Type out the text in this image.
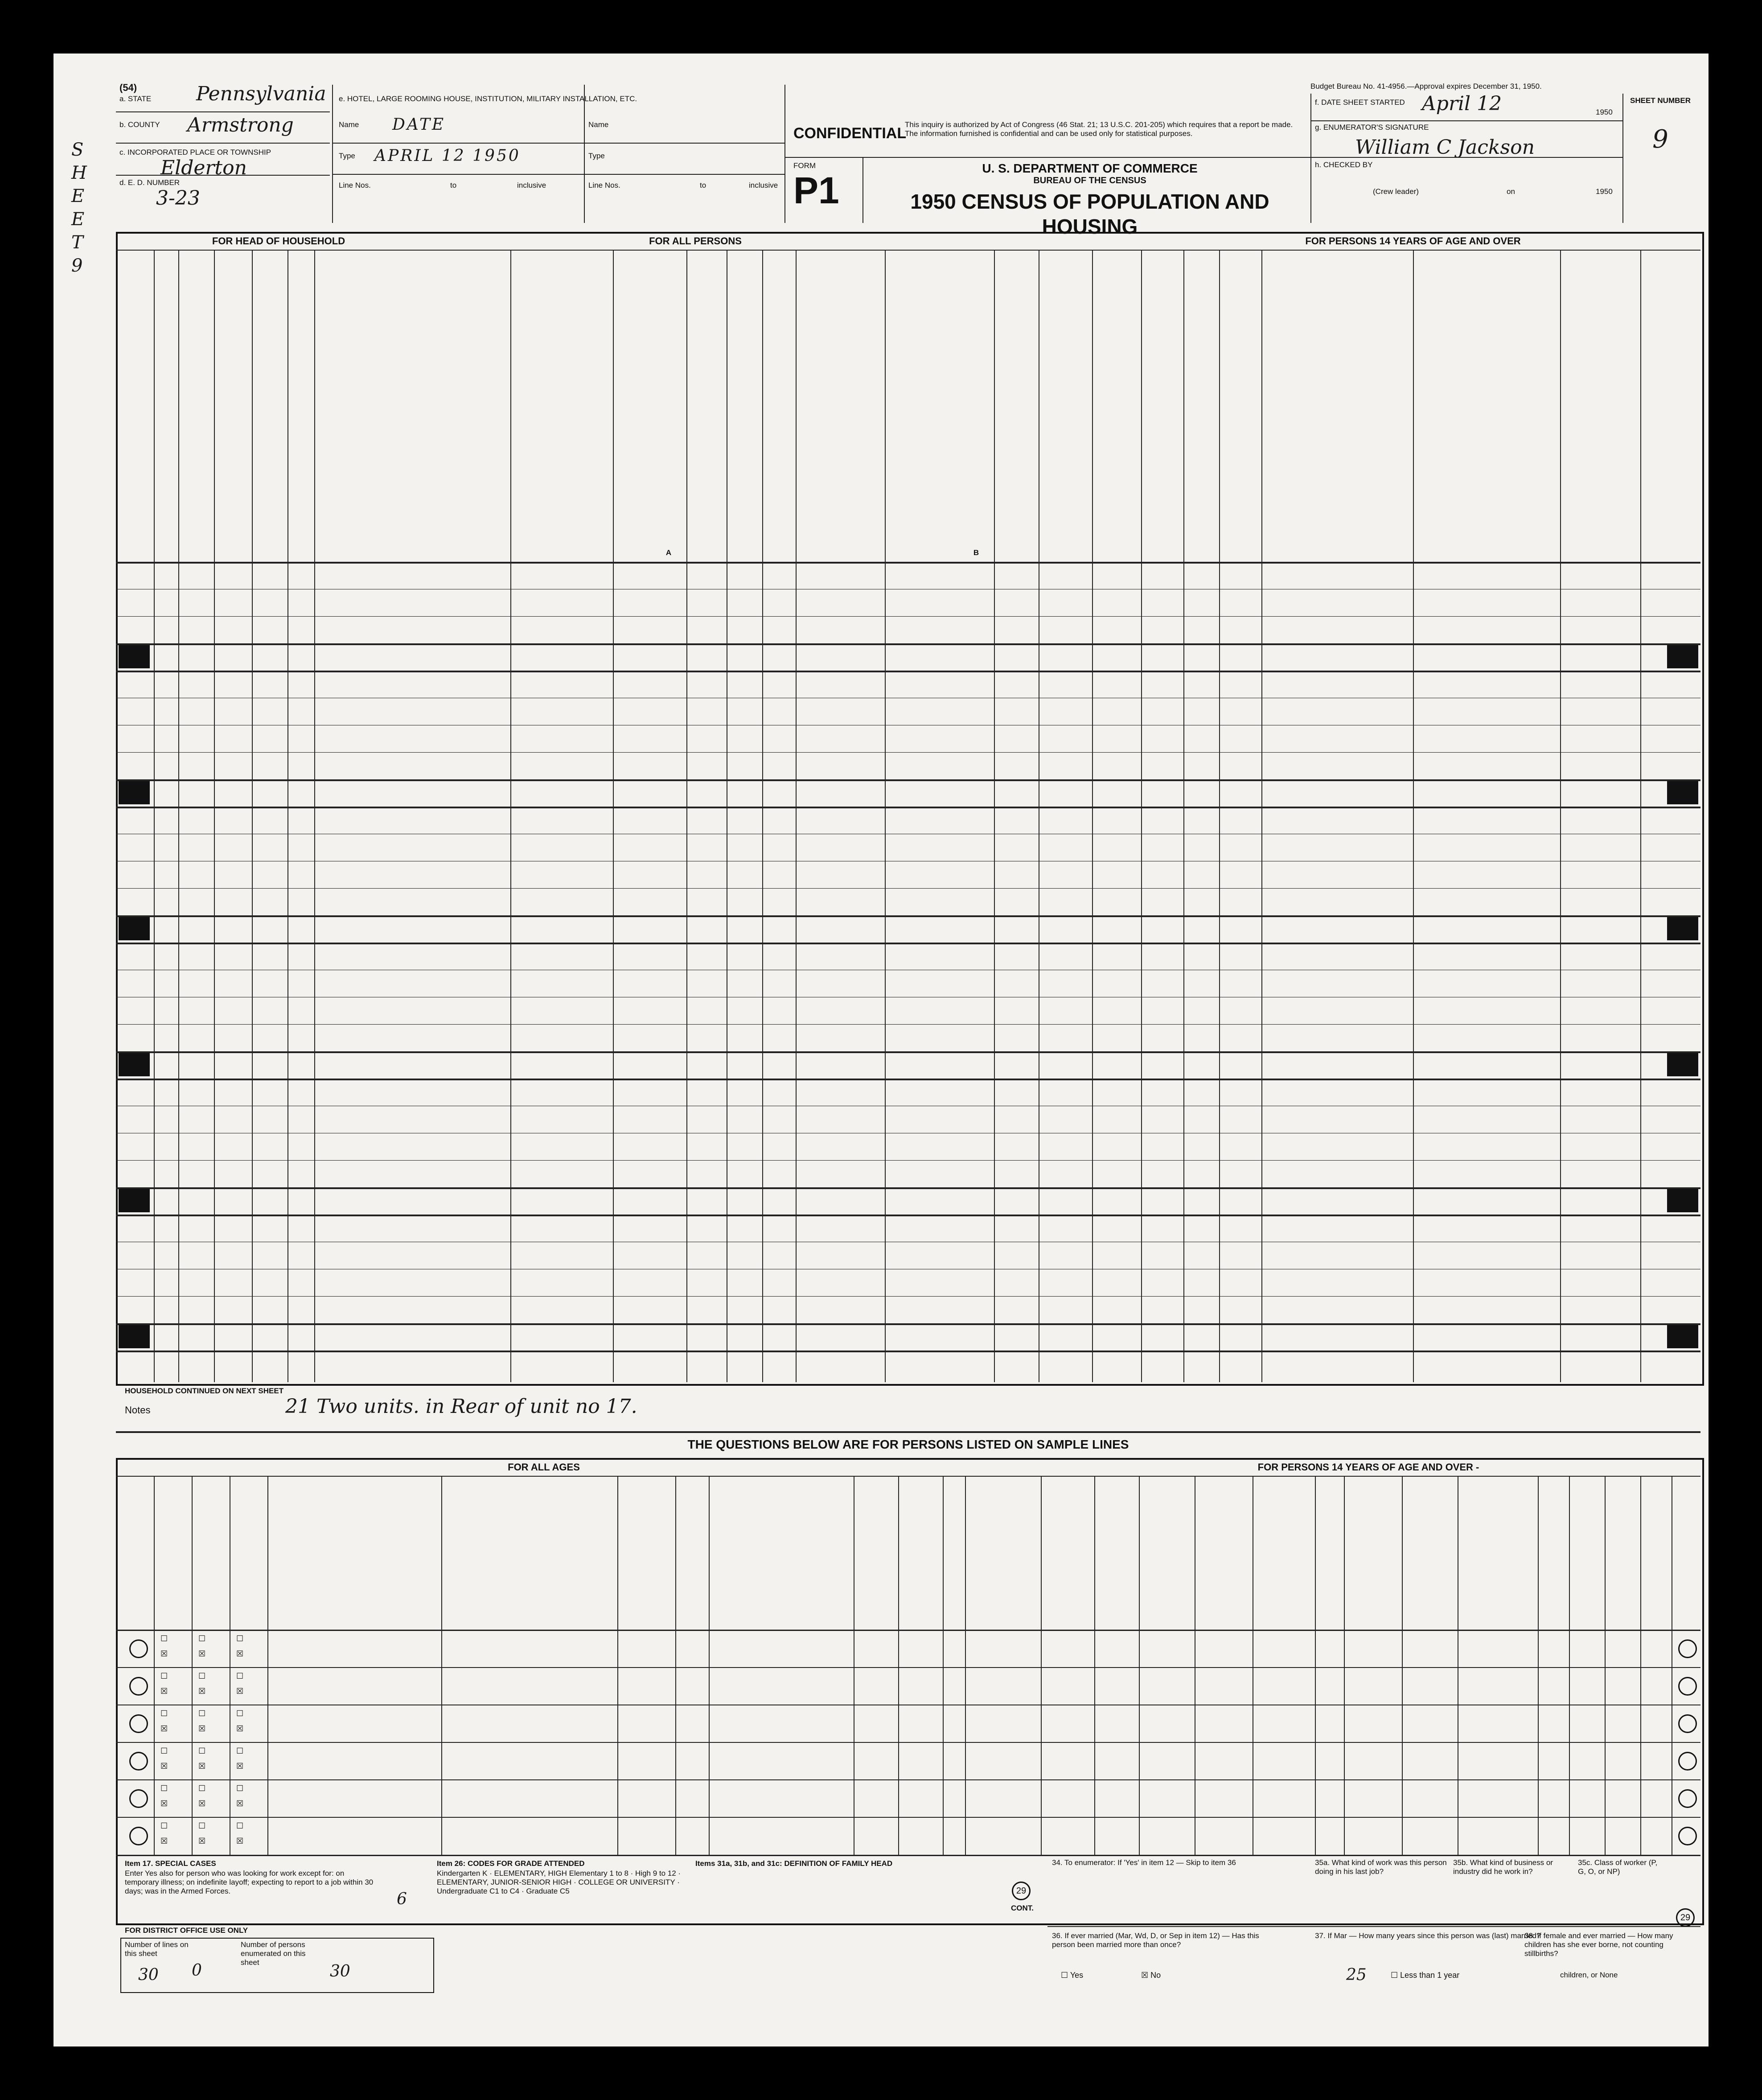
(54)
a. STATE Pennsylvania
b. COUNTY Armstrong
c. INCORPORATED PLACE OR TOWNSHIP
Elderton
d. E. D. NUMBER
3-23
e. HOTEL, LARGE ROOMING HOUSE, INSTITUTION, MILITARY INSTALLATION, ETC.
Name DATE
Type APRIL 12 1950
Line Nos.	to	inclusive
Name
Type
Line Nos.	to	inclusive
CONFIDENTIAL
This inquiry is authorized by Act of Congress (46 Stat. 21; 13 U.S.C. 201-205) which requires that a report be made. The information furnished is confidential and can be used only for statistical purposes.
FORM
P1
U. S. DEPARTMENT OF COMMERCE
BUREAU OF THE CENSUS
1950 CENSUS OF POPULATION AND HOUSING
Budget Bureau No. 41-4956.—Approval expires December 31, 1950.
f. DATE SHEET STARTED April 12	1950
g. ENUMERATOR'S SIGNATURE
William C Jackson
h. CHECKED BY
(Crew leader)	on	1950
SHEET NUMBER
9
SHEET 9
FOR HEAD OF HOUSEHOLD	FOR ALL PERSONS	FOR PERSONS 14 YEARS OF AGE AND OVER
A	B
HOUSEHOLD CONTINUED ON NEXT SHEET
Notes	21 Two units. in Rear of unit no 17.
THE QUESTIONS BELOW ARE FOR PERSONS LISTED ON SAMPLE LINES
FOR ALL AGES	FOR PERSONS 14 YEARS OF AGE AND OVER -
☐	☐	☐
☒	☒	☒
☐	☐	☐
☒	☒	☒
☐	☐	☐
☒	☒	☒
☐	☐	☐
☒	☒	☒
☐	☐	☐
☒	☒	☒
☐	☐	☐
☒	☒	☒
Item 17. SPECIAL CASES
Enter Yes also for person who was looking for work except for: on temporary illness; on indefinite layoff; expecting to report to a job within 30 days; was in the Armed Forces.
Item 26: CODES FOR GRADE ATTENDED
Kindergarten K · ELEMENTARY, HIGH Elementary 1 to 8 · High 9 to 12 · ELEMENTARY, JUNIOR-SENIOR HIGH · COLLEGE OR UNIVERSITY · Undergraduate C1 to C4 · Graduate C5
Items 31a, 31b, and 31c: DEFINITION OF FAMILY HEAD
29
CONT.
6
FOR DISTRICT OFFICE USE ONLY
Number of lines on this sheet
30 0
Number of persons enumerated on this sheet	30
34. To enumerator: If 'Yes' in item 12 — Skip to item 36	35a. What kind of work was this person doing in his last job?
35b. What kind of business or industry did he work in?
35c. Class of worker (P, G, O, or NP)
29
36. If ever married (Mar, Wd, D, or Sep in item 12) — Has this person been married more than once?
☐ Yes	☒ No
37. If Mar — How many years since this person was (last) married?
25	☐ Less than 1 year
38. If female and ever married — How many children has she ever borne, not counting stillbirths?
children, or None
